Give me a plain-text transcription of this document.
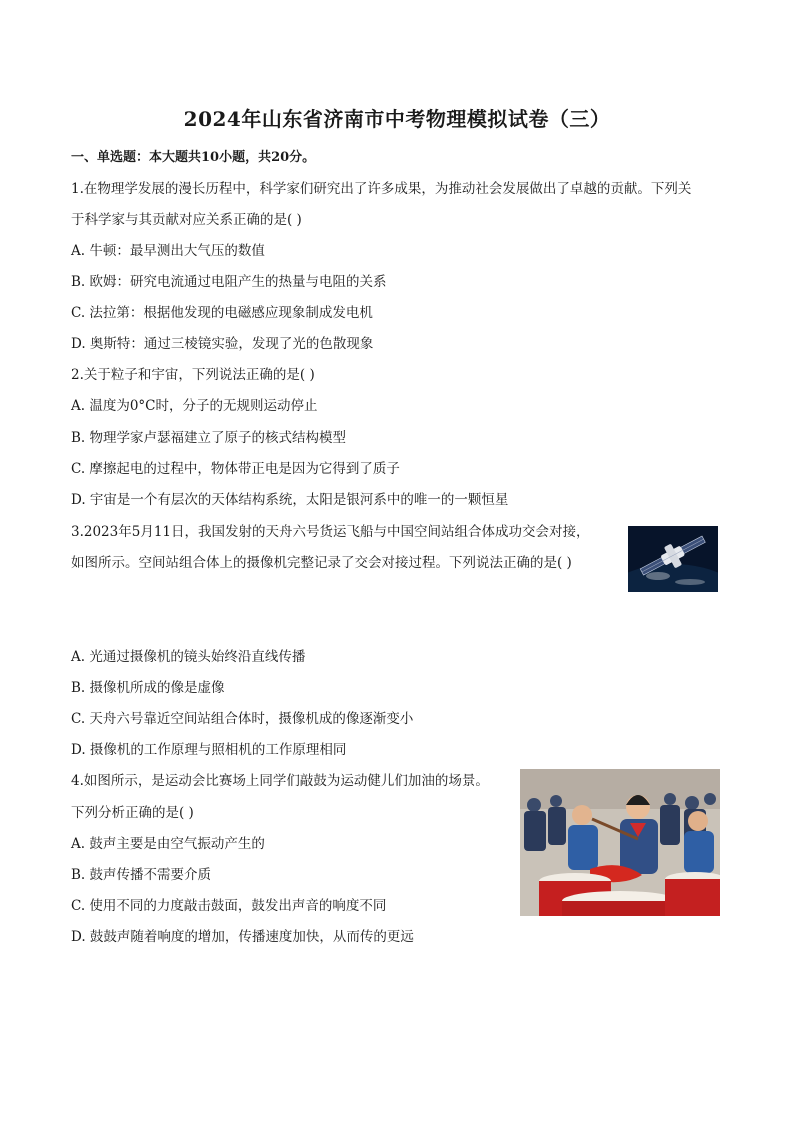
2024年山东省济南市中考物理模拟试卷（三）
一、单选题：本大题共10小题，共20分。
1.在物理学发展的漫长历程中，科学家们研究出了许多成果，为推动社会发展做出了卓越的贡献。下列关
于科学家与其贡献对应关系正确的是( )
A. 牛顿：最早测出大气压的数值
B. 欧姆：研究电流通过电阻产生的热量与电阻的关系
C. 法拉第：根据他发现的电磁感应现象制成发电机
D. 奥斯特：通过三棱镜实验，发现了光的色散现象
2.关于粒子和宇宙，下列说法正确的是( )
A. 温度为0°C时，分子的无规则运动停止
B. 物理学家卢瑟福建立了原子的核式结构模型
C. 摩擦起电的过程中，物体带正电是因为它得到了质子
D. 宇宙是一个有层次的天体结构系统，太阳是银河系中的唯一的一颗恒星
3.2023年5月11日，我国发射的天舟六号货运飞船与中国空间站组合体成功交会对接，
如图所示。空间站组合体上的摄像机完整记录了交会对接过程。下列说法正确的是( )
A. 光通过摄像机的镜头始终沿直线传播
B. 摄像机所成的像是虚像
C. 天舟六号靠近空间站组合体时，摄像机成的像逐渐变小
D. 摄像机的工作原理与照相机的工作原理相同
4.如图所示，是运动会比赛场上同学们敲鼓为运动健儿们加油的场景。
下列分析正确的是( )
A. 鼓声主要是由空气振动产生的
B. 鼓声传播不需要介质
C. 使用不同的力度敲击鼓面，鼓发出声音的响度不同
D. 鼓鼓声随着响度的增加，传播速度加快，从而传的更远
